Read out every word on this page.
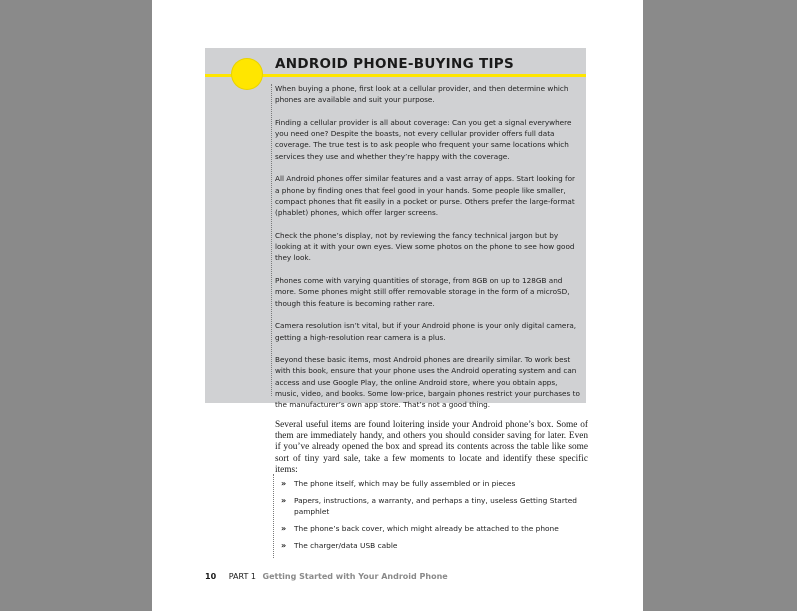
ANDROID PHONE-BUYING TIPS

When buying a phone, first look at a cellular provider, and then determine which phones are available and suit your purpose.

Finding a cellular provider is all about coverage: Can you get a signal everywhere you need one? Despite the boasts, not every cellular provider offers full data coverage. The true test is to ask people who frequent your same locations which services they use and whether they’re happy with the coverage.

All Android phones offer similar features and a vast array of apps. Start looking for a phone by finding ones that feel good in your hands. Some people like smaller, compact phones that fit easily in a pocket or purse. Others prefer the large-format (phablet) phones, which offer larger screens.

Check the phone’s display, not by reviewing the fancy technical jargon but by looking at it with your own eyes. View some photos on the phone to see how good they look.

Phones come with varying quantities of storage, from 8GB on up to 128GB and more. Some phones might still offer removable storage in the form of a microSD, though this feature is becoming rather rare.

Camera resolution isn’t vital, but if your Android phone is your only digital camera, getting a high-resolution rear camera is a plus.

Beyond these basic items, most Android phones are drearily similar. To work best with this book, ensure that your phone uses the Android operating system and can access and use Google Play, the online Android store, where you obtain apps, music, video, and books. Some low-price, bargain phones restrict your purchases to the manufacturer’s own app store. That’s not a good thing.

Several useful items are found loitering inside your Android phone’s box. Some of them are immediately handy, and others you should consider saving for later. Even if you’ve already opened the box and spread its contents across the table like some sort of tiny yard sale, take a few moments to locate and identify these specific items:

» The phone itself, which may be fully assembled or in pieces
» Papers, instructions, a warranty, and perhaps a tiny, useless Getting Started pamphlet
» The phone’s back cover, which might already be attached to the phone
» The charger/data USB cable
10 PART 1 Getting Started with Your Android Phone
